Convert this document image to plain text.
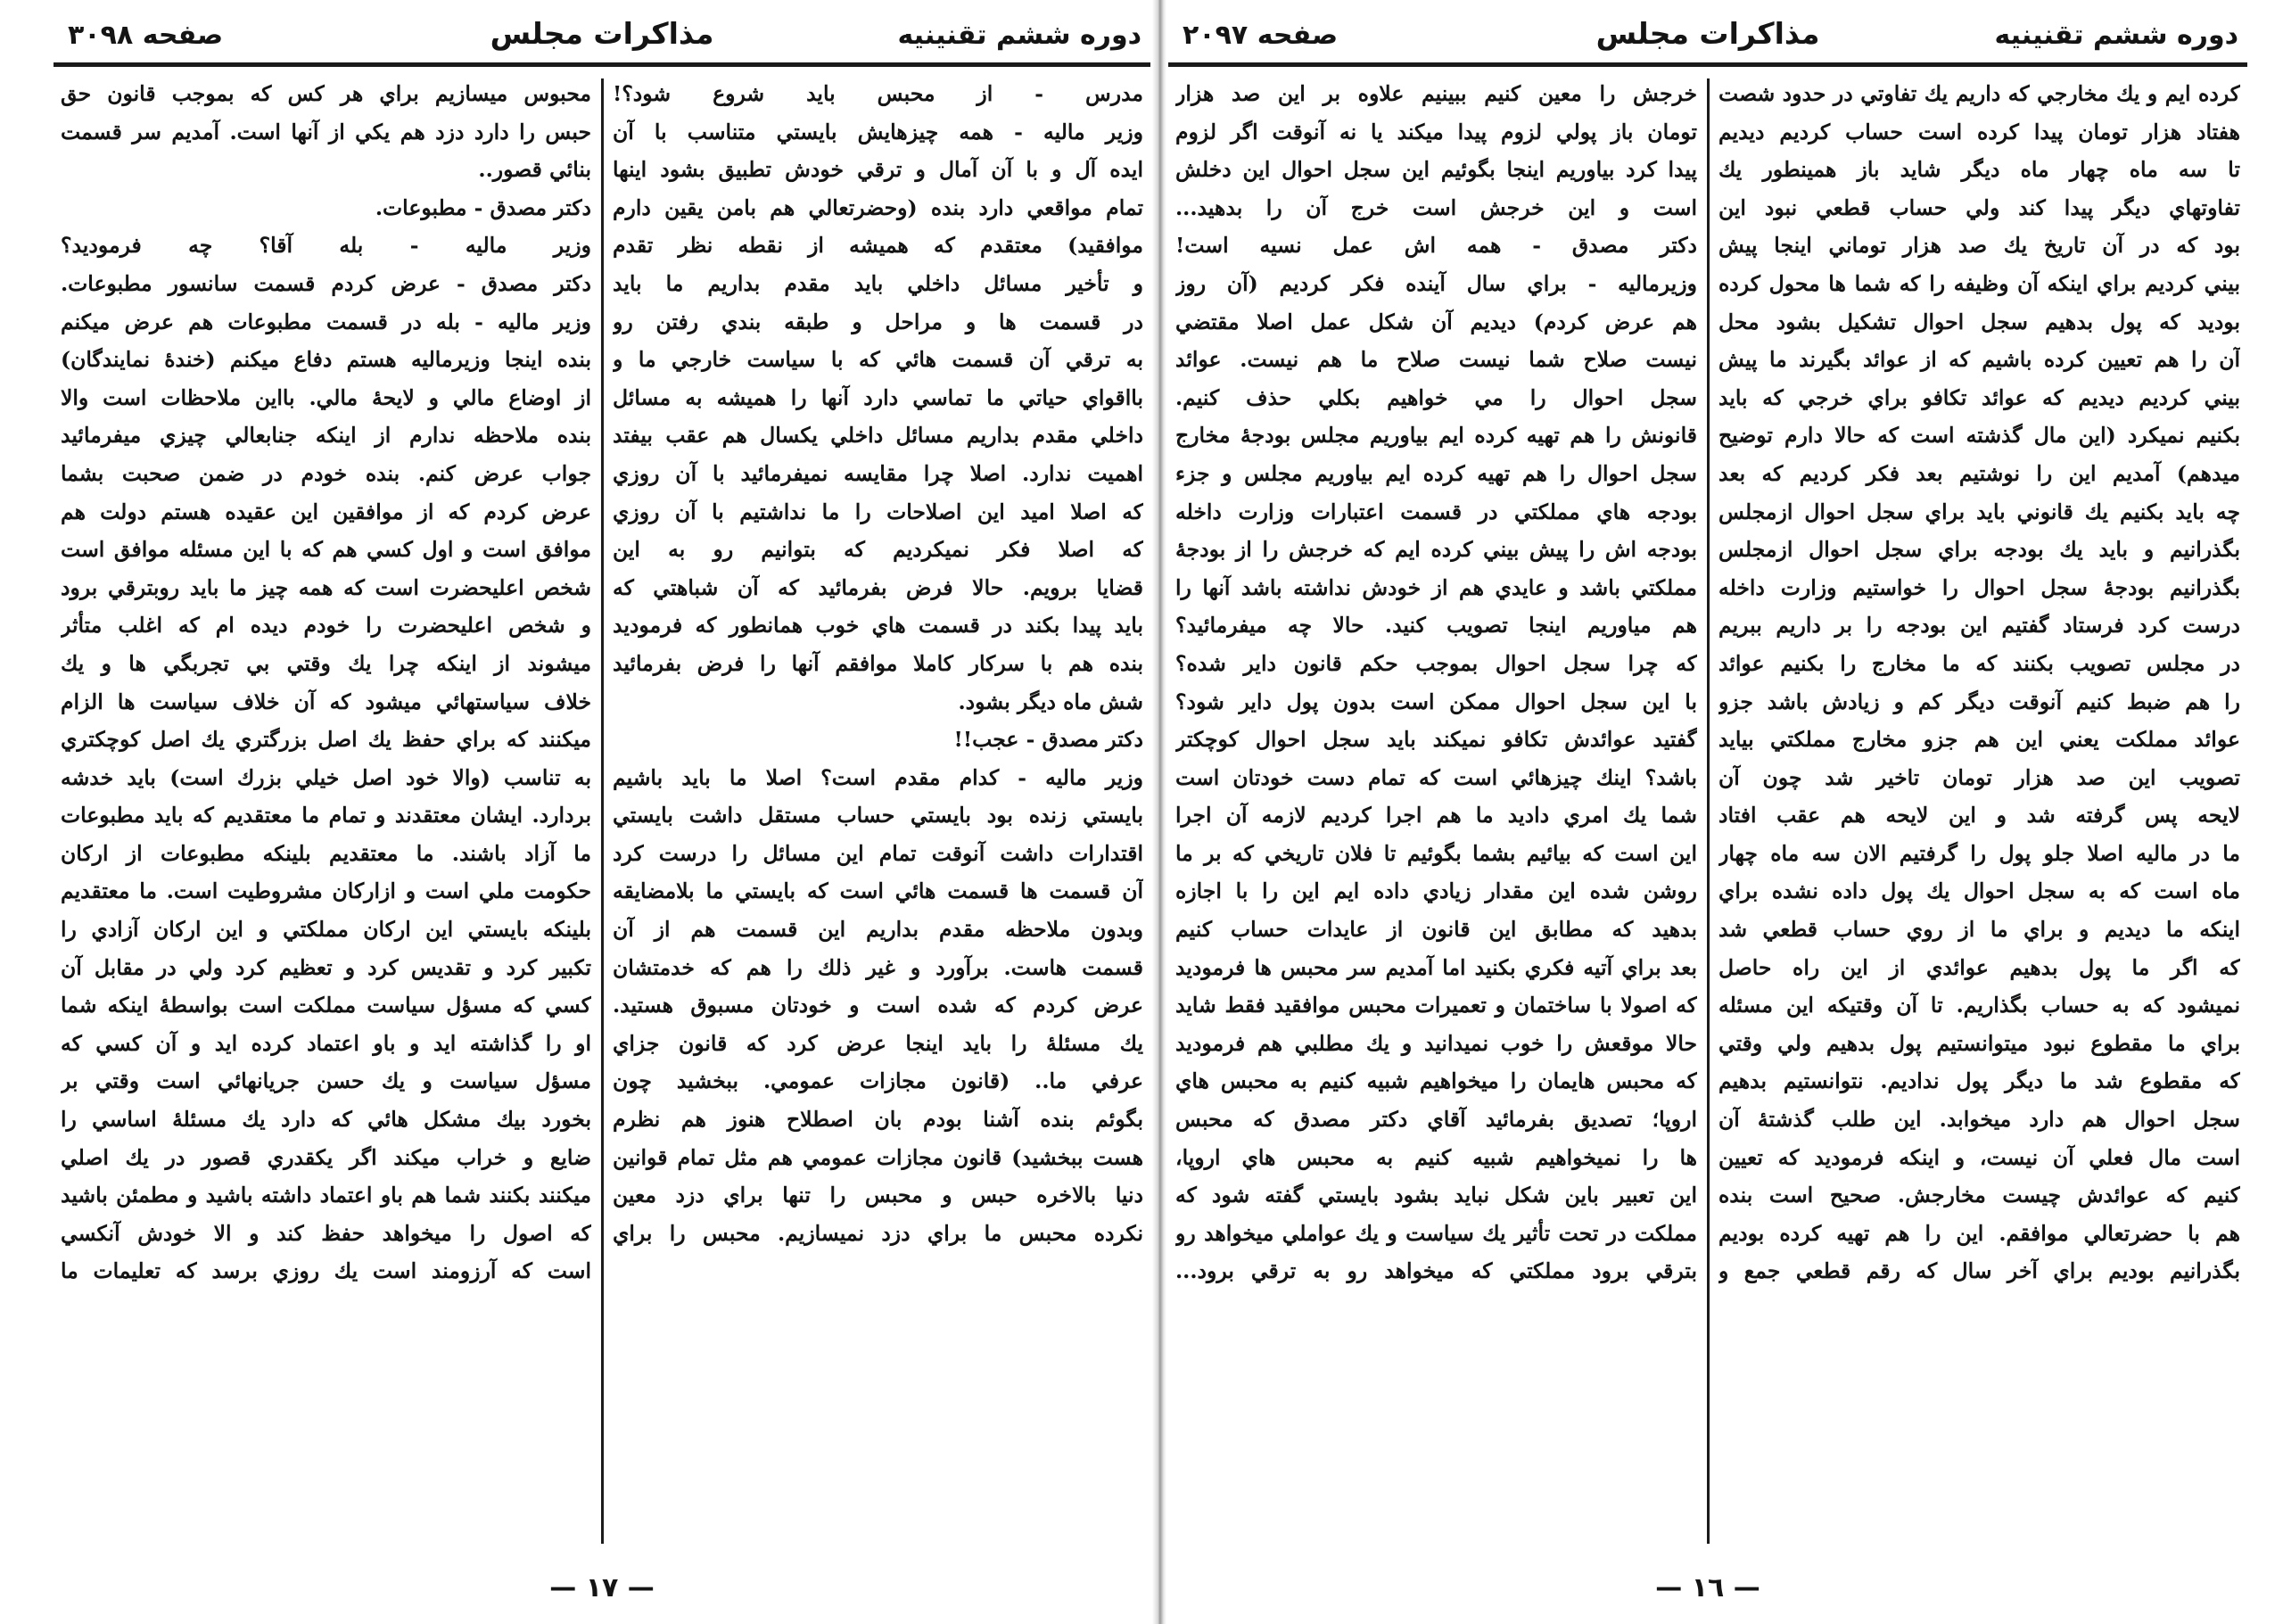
دوره ششم تقنينيه
مذاكرات مجلس
صفحه ٣٠٩٨
مدرس - از محبس بايد شروع شود؟!
وزير ماليه - همه چيزهايش بايستي متناسب با آن
ايده آل و با آن آمال و ترقي خودش تطبيق بشود اينها
تمام مواقعي دارد بنده (وحضرتعالي هم بامن يقين دارم
موافقيد) معتقدم كه هميشه از نقطه نظر تقدم
و تأخير مسائل داخلي بايد مقدم بداريم ما بايد
در قسمت ها و مراحل و طبقه بندي رفتن رو
به ترقي آن قسمت هائي كه با سياست خارجي ما و
بااقواي حياتي ما تماسي دارد آنها را هميشه به مسائل
داخلي مقدم بداريم مسائل داخلي يكسال هم عقب بيفتد
اهميت ندارد. اصلا چرا مقايسه نميفرمائيد با آن روزي
كه اصلا اميد اين اصلاحات را ما نداشتيم با آن روزي
كه اصلا فكر نميكرديم كه بتوانيم رو به اين
قضايا برويم. حالا فرض بفرمائيد كه آن شباهتي كه
بايد پيدا بكند در قسمت هاي خوب همانطور كه فرموديد
بنده هم با سركار كاملا موافقم آنها را فرض بفرمائيد
شش ماه ديگر بشود.
دكتر مصدق - عجب!!
وزير ماليه - كدام مقدم است؟ اصلا ما بايد باشيم
بايستي زنده بود بايستي حساب مستقل داشت بايستي
اقتدارات داشت آنوقت تمام اين مسائل را درست كرد
آن قسمت ها قسمت هائي است كه بايستي ما بلامضايقه
وبدون ملاحظه مقدم بداريم اين قسمت هم از آن
قسمت هاست. برآورد و غير ذلك را هم كه خدمتشان
عرض كردم كه شده است و خودتان مسبوق هستيد.
يك مسئلهٔ را بايد اينجا عرض كرد كه قانون جزاي
عرفي ما.. (قانون مجازات عمومي. ببخشيد چون
بگوئم بنده آشنا بودم بان اصطلاح هنوز هم نظرم
هست ببخشيد) قانون مجازات عمومي هم مثل تمام قوانين
دنيا بالاخره حبس و محبس را تنها براي دزد معين
نكرده محبس ما براي دزد نميسازيم. محبس را براي
محبوس ميسازيم براي هر كس كه بموجب قانون حق
حبس را دارد دزد هم يكي از آنها است. آمديم سر قسمت
بنائي قصور..
دكتر مصدق - مطبوعات.
وزير ماليه - بله آقا؟ چه فرموديد؟
دكتر مصدق - عرض كردم قسمت سانسور مطبوعات.
وزير ماليه - بله در قسمت مطبوعات هم عرض ميكنم
بنده اينجا وزيرماليه هستم دفاع ميكنم (خندهٔ نمايندگان)
از اوضاع مالي و لايحهٔ مالي. بااين ملاحظات است والا
بنده ملاحظه ندارم از اينكه جنابعالي چيزي ميفرمائيد
جواب عرض كنم. بنده خودم در ضمن صحبت بشما
عرض كردم كه از موافقين اين عقيده هستم دولت هم
موافق است و اول كسي هم كه با اين مسئله موافق است
شخص اعليحضرت است كه همه چيز ما بايد روبترقي برود
و شخص اعليحضرت را خودم ديده ام كه اغلب متأثر
ميشوند از اينكه چرا يك وقتي بي تجربگي ها و يك
خلاف سياستهائي ميشود كه آن خلاف سياست ها الزام
ميكنند كه براي حفظ يك اصل بزرگتري يك اصل كوچكتري
به تناسب (والا خود اصل خيلي بزرك است) بايد خدشه
بردارد. ايشان معتقدند و تمام ما معتقديم كه بايد مطبوعات
ما آزاد باشند. ما معتقديم بلينكه مطبوعات از اركان
حكومت ملي است و ازاركان مشروطيت است. ما معتقديم
بلينكه بايستي اين اركان مملكتي و اين اركان آزادي را
تكبير كرد و تقديس كرد و تعظيم كرد ولي در مقابل آن
كسي كه مسؤل سياست مملكت است بواسطهٔ اينكه شما
او را گذاشته ايد و باو اعتماد كرده ايد و آن كسي كه
مسؤل سياست و يك حسن جريانهائي است وقتي بر
بخورد بيك مشكل هائي كه دارد يك مسئلهٔ اساسي را
ضايع و خراب ميكند اگر يكقدري قصور در يك اصلي
ميكنند بكنند شما هم باو اعتماد داشته باشيد و مطمئن باشيد
كه اصول را ميخواهد حفظ كند و الا خودش آنكسي
است كه آرزومند است يك روزي برسد كه تعليمات ما
— ١٧ —
دوره ششم تقنينيه
مذاكرات مجلس
صفحه ٢٠٩٧
كرده ايم و يك مخارجي كه داريم يك تفاوتي در حدود شصت
هفتاد هزار تومان پيدا كرده است حساب كرديم ديديم
تا سه ماه چهار ماه ديگر شايد باز همينطور يك
تفاوتهاي ديگر پيدا كند ولي حساب قطعي نبود اين
بود كه در آن تاريخ يك صد هزار توماني اينجا پيش
بيني كرديم براي اينكه آن وظيفه را كه شما ها محول كرده
بوديد كه پول بدهيم سجل احوال تشكيل بشود محل
آن را هم تعيين كرده باشيم كه از عوائد بگيرند ما پيش
بيني كرديم ديديم كه عوائد تكافو براي خرجي كه بايد
بكنيم نميكرد (اين مال گذشته است كه حالا دارم توضيح
ميدهم) آمديم اين را نوشتيم بعد فكر كرديم كه بعد
چه بايد بكنيم يك قانوني بايد براي سجل احوال ازمجلس
بگذرانيم و بايد يك بودجه براي سجل احوال ازمجلس
بگذرانيم بودجهٔ سجل احوال را خواستيم وزارت داخله
درست كرد فرستاد گفتيم اين بودجه را بر داريم ببريم
در مجلس تصويب بكنند كه ما مخارج را بكنيم عوائد
را هم ضبط كنيم آنوقت ديگر كم و زيادش باشد جزو
عوائد مملكت يعني اين هم جزو مخارج مملكتي بيايد
تصويب اين صد هزار تومان تاخير شد چون آن
لايحه پس گرفته شد و اين لايحه هم عقب افتاد
ما در ماليه اصلا جلو پول را گرفتيم الان سه ماه چهار
ماه است كه به سجل احوال يك پول داده نشده براي
اينكه ما ديديم و براي ما از روي حساب قطعي شد
كه اگر ما پول بدهيم عوائدي از اين راه حاصل
نميشود كه به حساب بگذاريم. تا آن وقتيكه اين مسئله
براي ما مقطوع نبود ميتوانستيم پول بدهيم ولي وقتي
كه مقطوع شد ما ديگر پول نداديم. نتوانستيم بدهيم
سجل احوال هم دارد ميخوابد. اين طلب گذشتهٔ آن
است مال فعلي آن نيست، و اينكه فرموديد كه تعيين
كنيم كه عوائدش چيست مخارجش. صحيح است بنده
هم با حضرتعالي موافقم. اين را هم تهيه كرده بوديم
بگذرانيم بوديم براي آخر سال كه رقم قطعي جمع و
خرجش را معين كنيم ببينيم علاوه بر اين صد هزار
تومان باز پولي لزوم پيدا ميكند يا نه آنوقت اگر لزوم
پيدا كرد بياوريم اينجا بگوئيم اين سجل احوال اين دخلش
است و اين خرجش است خرج آن را بدهيد...
دكتر مصدق - همه اش عمل نسيه است!
وزيرماليه - براي سال آينده فكر كرديم (آن روز
هم عرض كردم) ديديم آن شكل عمل اصلا مقتضي
نيست صلاح شما نيست صلاح ما هم نيست. عوائد
سجل احوال را مي خواهيم بكلي حذف كنيم.
قانونش را هم تهيه كرده ايم بياوريم مجلس بودجهٔ مخارج
سجل احوال را هم تهيه كرده ايم بياوريم مجلس و جزء
بودجه هاي مملكتي در قسمت اعتبارات وزارت داخله
بودجه اش را پيش بيني كرده ايم كه خرجش را از بودجهٔ
مملكتي باشد و عايدي هم از خودش نداشته باشد آنها را
هم مياوريم اينجا تصويب كنيد. حالا چه ميفرمائيد؟
كه چرا سجل احوال بموجب حكم قانون داير شده؟
با اين سجل احوال ممكن است بدون پول داير شود؟
گفتيد عوائدش تكافو نميكند بايد سجل احوال كوچكتر
باشد؟ اينك چيزهائي است كه تمام دست خودتان است
شما يك امري داديد ما هم اجرا كرديم لازمه آن اجرا
اين است كه بيائيم بشما بگوئيم تا فلان تاريخي كه بر ما
روشن شده اين مقدار زيادي داده ايم اين را با اجازه
بدهيد كه مطابق اين قانون از عايدات حساب كنيم
بعد براي آتيه فكري بكنيد اما آمديم سر محبس ها فرموديد
كه اصولا با ساختمان و تعميرات محبس موافقيد فقط شايد
حالا موقعش را خوب نميدانيد و يك مطلبي هم فرموديد
كه محبس هايمان را ميخواهيم شبيه كنيم به محبس هاي
اروپا؛ تصديق بفرمائيد آقاي دكتر مصدق كه محبس
ها را نميخواهيم شبيه كنيم به محبس هاي اروپا،
اين تعبير باين شكل نبايد بشود بايستي گفته شود كه
مملكت در تحت تأثير يك سياست و يك عواملي ميخواهد رو
بترقي برود مملكتي كه ميخواهد رو به ترقي برود...
— ١٦ —
